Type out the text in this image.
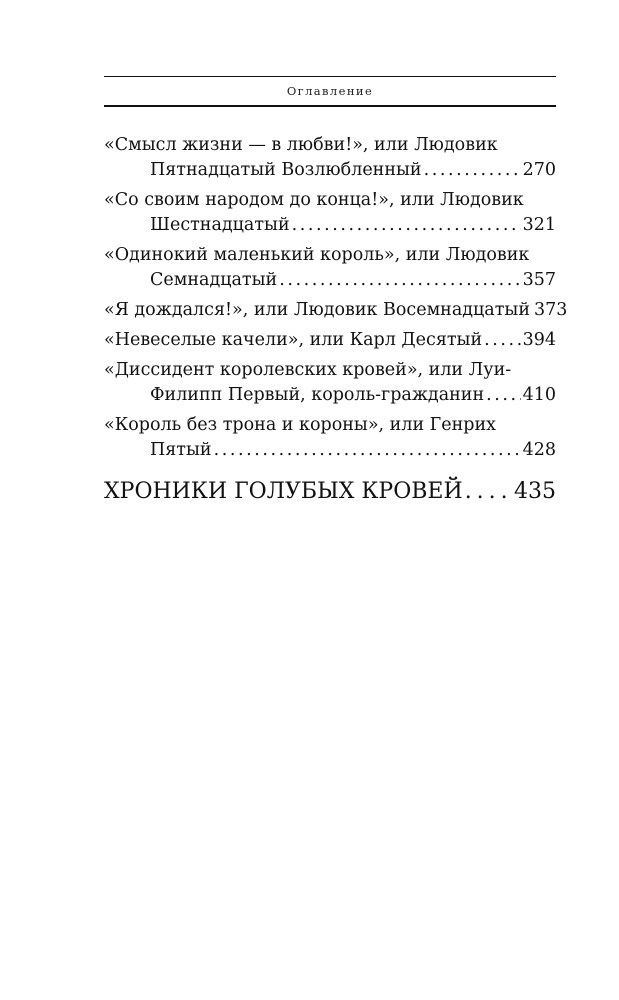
Оглавление
«Смысл жизни — в любви!», или Людовик
Пятнадцатый Возлюбленный . . .	270
«Со своим народом до конца!», или Людовик
Шестнадцатый . . .	321
«Одинокий маленький король», или Людовик
Семнадцатый . . .	357
«Я дождался!», или Людовик Восемнадцатый 373
«Невеселые качели», или Карл Десятый . . . 394
«Диссидент королевских кровей», или Луи-
Филипп Первый, король-гражданин . . . 410
«Король без трона и короны», или Генрих
Пятый . . .	428
ХРОНИКИ ГОЛУБЫХ КРОВЕЙ . . . 435
